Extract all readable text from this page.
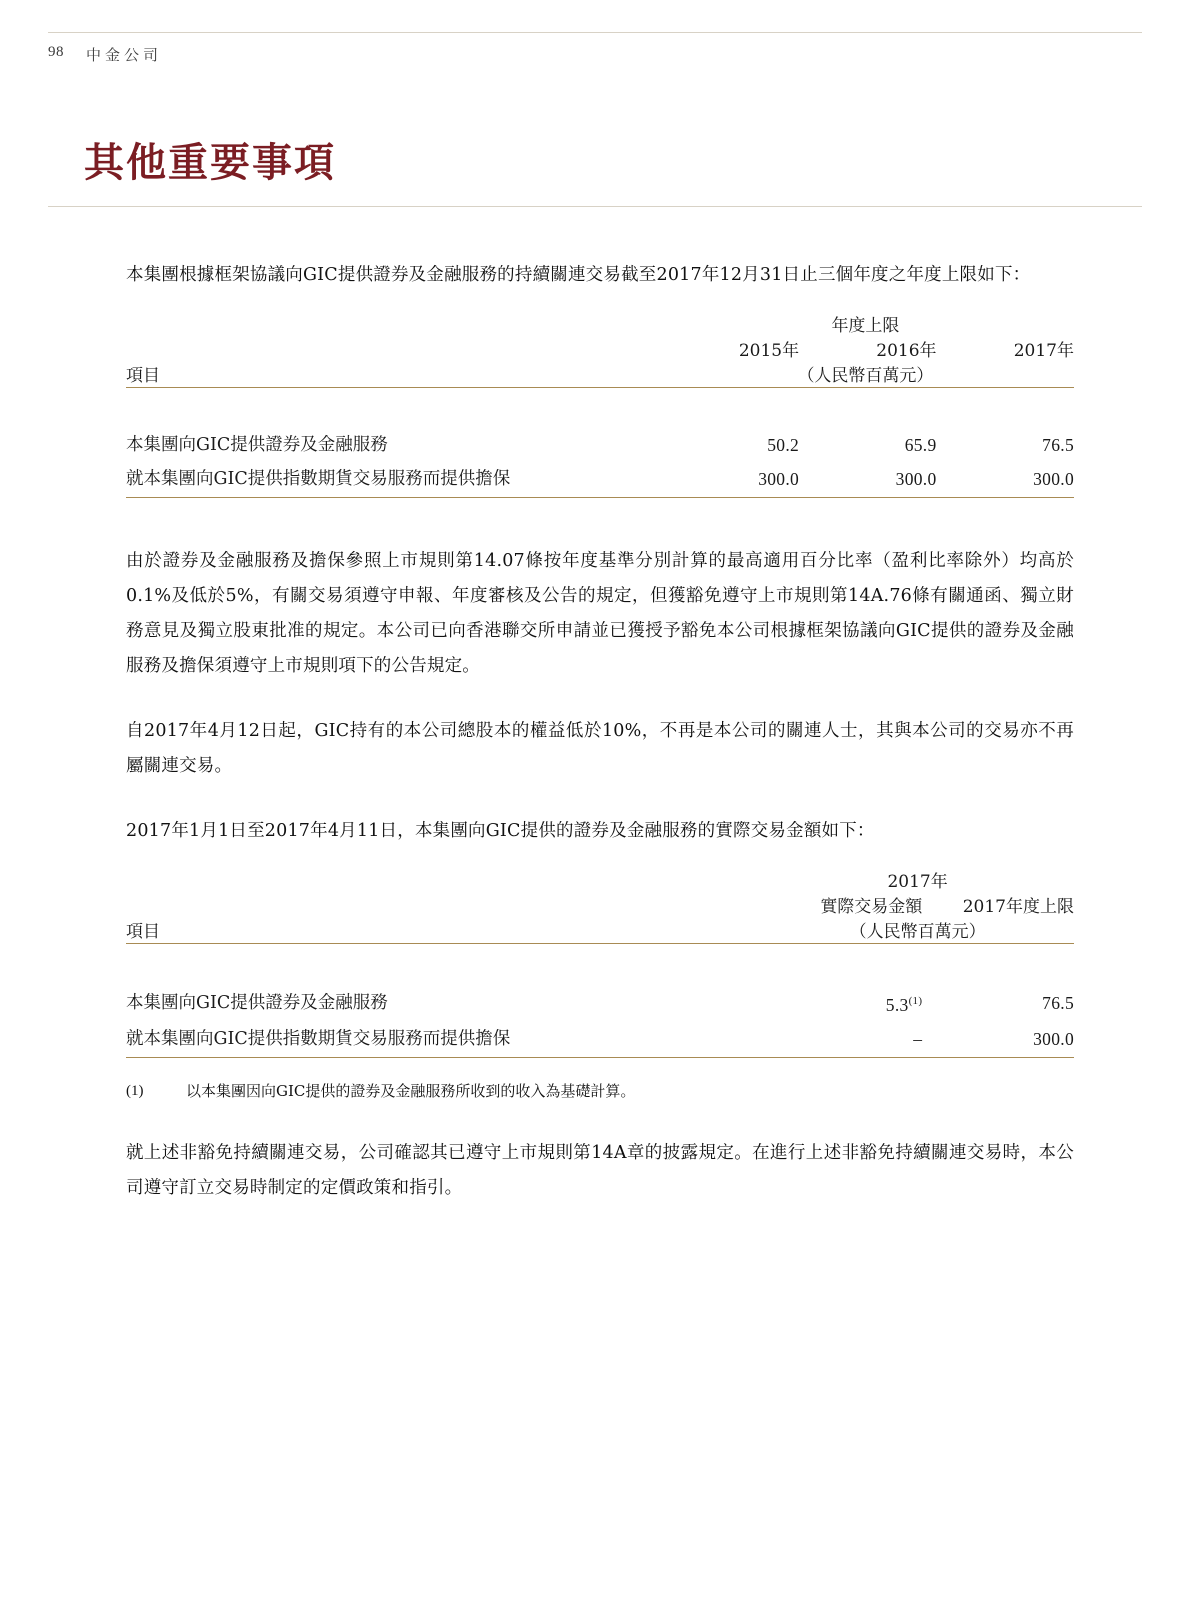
98 中金公司
其他重要事項

本集團根據框架協議向GIC提供證券及金融服務的持續關連交易截至2017年12月31日止三個年度之年度上限如下：

	年度上限		
	2015年	2016年	2017年
項目	（人民幣百萬元）		

本集團向GIC提供證券及金融服務	50.2	65.9	76.5
就本集團向GIC提供指數期貨交易服務而提供擔保	300.0	300.0	300.0

由於證券及金融服務及擔保參照上市規則第14.07條按年度基準分別計算的最高適用百分比率（盈利比率除外）均高於0.1%及低於5%，有關交易須遵守申報、年度審核及公告的規定，但獲豁免遵守上市規則第14A.76條有關通函、獨立財務意見及獨立股東批准的規定。本公司已向香港聯交所申請並已獲授予豁免本公司根據框架協議向GIC提供的證券及金融服務及擔保須遵守上市規則項下的公告規定。

自2017年4月12日起，GIC持有的本公司總股本的權益低於10%，不再是本公司的關連人士，其與本公司的交易亦不再屬關連交易。

2017年1月1日至2017年4月11日，本集團向GIC提供的證券及金融服務的實際交易金額如下：

	2017年	
	實際交易金額	2017年度上限
項目	（人民幣百萬元）	

本集團向GIC提供證券及金融服務	5.3$^{(1)}$	76.5
就本集團向GIC提供指數期貨交易服務而提供擔保	–	300.0

(1)	以本集團因向GIC提供的證券及金融服務所收到的收入為基礎計算。

就上述非豁免持續關連交易，公司確認其已遵守上市規則第14A章的披露規定。在進行上述非豁免持續關連交易時，本公司遵守訂立交易時制定的定價政策和指引。
